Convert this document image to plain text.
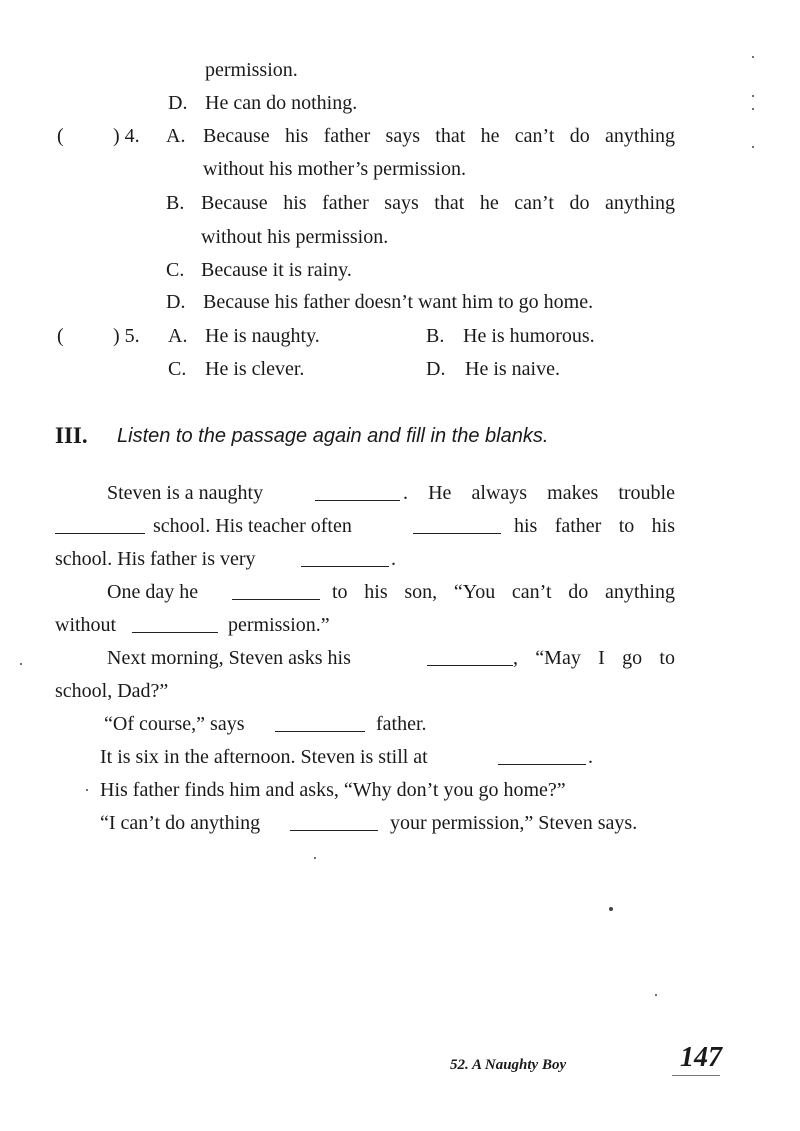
permission.
D. He can do nothing.
( ) 4. A. Because his father says that he can’t do anything
without his mother’s permission.
B. Because his father says that he can’t do anything
without his permission.
C. Because it is rainy.
D. Because his father doesn’t want him to go home.
( ) 5. A. He is naughty.	B. He is humorous.
C. He is clever.	D. He is naive.
III. Listen to the passage again and fill in the blanks.
Steven is a naughty	. He always makes trouble
school. His teacher often	his father to his
school. His father is very	.
One day he	to his son, “You can’t do anything
without	permission.”
Next morning, Steven asks his	, “May I go to
school, Dad?”
“Of course,” says	father.
It is six in the afternoon. Steven is still at	.
His father finds him and asks, “Why don’t you go home?”
“I can’t do anything	your permission,” Steven says.
52. A Naughty Boy	147
